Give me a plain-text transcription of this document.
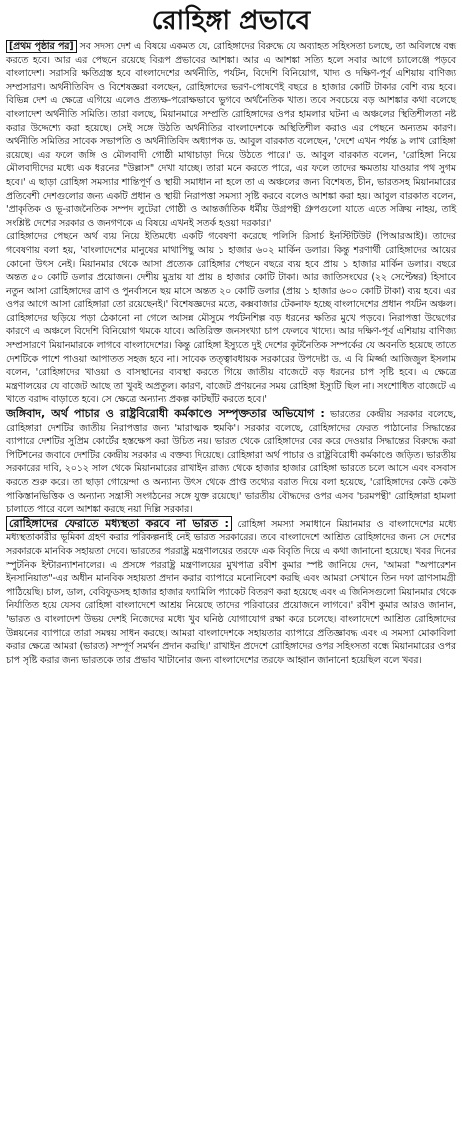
রোহিঙ্গা প্রভাবে

[প্রথম পৃষ্ঠার পর] সব সদস্য দেশ এ বিষয়ে একমত যে, রোহিঙ্গাদের বিরুদ্ধে যে অব্যাহত সহিংসতা চলছে, তা অবিলম্বে বন্ধ করতে হবে। আর এর পেছনে রয়েছে বিরূপ প্রভাবের আশঙ্কা। আর এ আশঙ্কা সত্যি হলে সবার আগে চ্যালেঞ্জে পড়বে বাংলাদেশ। সরাসরি ক্ষতিগ্রস্ত হবে বাংলাদেশের অর্থনীতি, পর্যটন, বিদেশি বিনিয়োগ, খাদ্য ও দক্ষিণ-পূর্ব এশিয়ায় বাণিজ্য সম্প্রসারণ। অর্থনীতিবিদ ও বিশেষজ্ঞরা বলছেন, রোহিঙ্গাদের ভরণ-পোষণেই বছরে ৪ হাজার কোটি টাকার বেশি ব্যয় হবে। বিভিন্ন দেশ এ ক্ষেত্রে এগিয়ে এলেও প্রত্যক্ষ-পরোক্ষভাবে ভুগবে অর্থনৈতিক খাত। তবে সবচেয়ে বড় আশঙ্কার কথা বলেছে বাংলাদেশ অর্থনীতি সমিতি। তারা বলছে, মিয়ানমারে সম্প্রতি রোহিঙ্গাদের ওপর হামলার ঘটনা এ অঞ্চলের স্থিতিশীলতা নষ্ট করার উদ্দেশ্যে করা হয়েছে। সেই সঙ্গে উঠতি অর্থনীতির বাংলাদেশকে অস্থিতিশীল করাও এর পেছনে অন্যতম কারণ। অর্থনীতি সমিতির সাবেক সভাপতি ও অর্থনীতিবিদ অধ্যাপক ড. আবুল বারকাত বলেছেন, 'দেশে এখন পর্যন্ত ৯ লাখ রোহিঙ্গা রয়েছে। এর ফলে জঙ্গি ও মৌলবাদী গোষ্ঠী মাথাচাড়া দিয়ে উঠতে পারে।' ড. আবুল বারকাত বলেন, 'রোহিঙ্গা নিয়ে মৌলবাদীদের মধ্যে এক ধরনের "উল্লাস" দেখা যাচ্ছে। তারা মনে করতে পারে, এর ফলে তাদের ক্ষমতায় যাওয়ার পথ সুগম হবে।' এ ছাড়া রোহিঙ্গা সমস্যার শান্তিপূর্ণ ও স্থায়ী সমাধান না হলে তা এ অঞ্চলের জন্য বিশেষত, চীন, ভারতসহ মিয়ানমারের প্রতিবেশী দেশগুলোর জন্য একটি প্রধান ও স্থায়ী নিরাপত্তা সমস্যা সৃষ্টি করবে বলেও আশঙ্কা করা হয়। আবুল বারকাত বলেন, 'প্রাকৃতিক ও ভূ-রাজনৈতিক সম্পদ লুটেরা গোষ্ঠী ও আন্তর্জাতিক ধর্মীয় উগ্রপন্থী গ্রুপগুলো যাতে এতে সক্রিয় নাহয়, তাই সংশ্লিষ্ট দেশের সরকার ও জনগণকে এ বিষয়ে এখনই সতর্ক হওয়া দরকার।'

রোহিঙ্গাদের পেছনে অর্থ ব্যয় নিয়ে ইতিমধ্যে একটি গবেষণা করেছে পলিসি রিসার্চ ইনস্টিটিউট (পিআরআই)। তাদের গবেষণায় বলা হয়, 'বাংলাদেশের মানুষের মাথাপিছু আয় ১ হাজার ৬০২ মার্কিন ডলার। কিন্তু শরণার্থী রোহিঙ্গাদের আয়ের কোনো উৎস নেই। মিয়ানমার থেকে আসা প্রত্যেক রোহিঙ্গার পেছনে বছরে ব্যয় হবে প্রায় ১ হাজার মার্কিন ডলার। বছরে অন্তত ৫০ কোটি ডলার প্রয়োজন। দেশীয় মুদ্রায় যা প্রায় ৪ হাজার কোটি টাকা। আর জাতিসংঘের (২২ সেপ্টেম্বর) হিসাবে নতুন আসা রোহিঙ্গাদের ত্রাণ ও পুনর্বাসনে ছয় মাসে অন্তত ২০ কোটি ডলার (প্রায় ১ হাজার ৬০০ কোটি টাকা) ব্যয় হবে। এর ওপর আগে আসা রোহিঙ্গারা তো রয়েছেনই।' বিশেষজ্ঞদের মতে, কক্সবাজার টেকনাফ হচ্ছে বাংলাদেশের প্রধান পর্যটন অঞ্চল। রোহিঙ্গাদের ছড়িয়ে পড়া ঠেকানো না গেলে আসন্ন মৌসুমে পর্যটনশিল্প বড় ধরনের ক্ষতির মুখে পড়বে। নিরাপত্তা উদ্বেগের কারণে এ অঞ্চলে বিদেশি বিনিয়োগ থমকে যাবে। অতিরিক্ত জনসংখ্যা চাপ ফেলবে খাদ্যে। আর দক্ষিণ-পূর্ব এশিয়ায় বাণিজ্য সম্প্রসারণে মিয়ানমারকে লাগবে বাংলাদেশের। কিন্তু রোহিঙ্গা ইস্যুতে দুই দেশের কূটনৈতিক সম্পর্কের যে অবনতি হয়েছে তাতে দেশটিকে পাশে পাওয়া আপাতত সহজ হবে না। সাবেক তত্ত্বাবধায়ক সরকারের উপদেষ্টা ড. এ বি মির্জ্জা আজিজুল ইসলাম বলেন, 'রোহিঙ্গাদের খাওয়া ও বাসস্থানের ব্যবস্থা করতে গিয়ে জাতীয় বাজেটে বড় ধরনের চাপ সৃষ্টি হবে। এ ক্ষেত্রে মন্ত্রণালয়ের যে বাজেট আছে তা খুবই অপ্রতুল। কারণ, বাজেট প্রণয়নের সময় রোহিঙ্গা ইস্যুটি ছিল না। সংশোধিত বাজেটে এ খাতে বরাদ্দ বাড়াতে হবে। সে ক্ষেত্রে অন্যান্য প্রকল্প কাটছাঁট করতে হবে।'

জঙ্গিবাদ, অর্থ পাচার ও রাষ্ট্রবিরোধী কর্মকাণ্ডে সম্পৃক্ততার অভিযোগ : ভারতের কেন্দ্রীয় সরকার বলেছে, রোহিঙ্গারা দেশটির জাতীয় নিরাপত্তার জন্য 'মারাত্মক হুমকি'। সরকার বলেছে, রোহিঙ্গাদের ফেরত পাঠানোর সিদ্ধান্তের ব্যাপারে দেশটির সুপ্রিম কোর্টের হস্তক্ষেপ করা উচিত নয়। ভারত থেকে রোহিঙ্গাদের বের করে দেওয়ার সিদ্ধান্তের বিরুদ্ধে করা পিটিশনের জবাবে দেশটির কেন্দ্রীয় সরকার এ বক্তব্য দিয়েছে। রোহিঙ্গারা অর্থ পাচার ও রাষ্ট্রবিরোধী কর্মকাণ্ডে জড়িত। ভারতীয় সরকারের দাবি, ২০১২ সাল থেকে মিয়ানমারের রাখাইন রাজ্য থেকে হাজার হাজার রোহিঙ্গা ভারতে চলে আসে এবং বসবাস করতে শুরু করে। তা ছাড়া গোয়েন্দা ও অন্যান্য উৎস থেকে প্রাপ্ত তথ্যের বরাত দিয়ে বলা হয়েছে, 'রোহিঙ্গাদের কেউ কেউ পাকিস্তানভিত্তিক ও অন্যান্য সন্ত্রাসী সংগঠনের সঙ্গে যুক্ত রয়েছে।' ভারতীয় বৌদ্ধদের ওপর এসব 'চরমপন্থী' রোহিঙ্গারা হামলা চালাতে পারে বলে আশঙ্কা করছে নয়া দিল্লি সরকার।

রোহিঙ্গাদের ফেরাতে মধ্যস্থতা করবে না ভারত : রোহিঙ্গা সমস্যা সমাধানে মিয়ানমার ও বাংলাদেশের মধ্যে মধ্যস্থতাকারীর ভূমিকা গ্রহণ করার পরিকল্পনাই নেই ভারত সরকারের। তবে বাংলাদেশে আশ্রিত রোহিঙ্গাদের জন্য সে দেশের সরকারকে মানবিক সহায়তা দেবে। ভারতের পররাষ্ট্র মন্ত্রণালয়ের তরফে এক বিবৃতি দিয়ে এ কথা জানানো হয়েছে। খবর দিনের স্পুটনিক ইন্টারন্যাশনালের। এ প্রসঙ্গে পররাষ্ট্র মন্ত্রণালয়ের মুখপাত্র রবীশ কুমার স্পষ্ট জানিয়ে দেন, 'আমরা "অপারেশন ইনসানিয়াত"-এর অধীন মানবিক সহায়তা প্রদান করার ব্যাপারে মনোনিবেশ করছি এবং আমরা সেখানে তিন দফা ত্রাণসামগ্রী পাঠিয়েছি। চাল, ডাল, বেবিফুডসহ হাজার হাজার ফ্যামিলি প্যাকেট বিতরণ করা হয়েছে এবং এ জিনিসগুলো মিয়ানমার থেকে নির্যাতিত হয়ে যেসব রোহিঙ্গা বাংলাদেশে আশ্রয় নিয়েছে তাদের পরিবারের প্রয়োজনে লাগবে।' রবীশ কুমার আরও জানান, 'ভারত ও বাংলাদেশ উভয় দেশই নিজেদের মধ্যে খুব ঘনিষ্ঠ যোগাযোগ রক্ষা করে চলেছে। বাংলাদেশে আশ্রিত রোহিঙ্গাদের উন্নয়নের ব্যাপারে তারা সমন্বয় সাধন করছে। আমরা বাংলাদেশকে সহায়তার ব্যাপারে প্রতিজ্ঞাবদ্ধ এবং এ সমস্যা মোকাবিলা করার ক্ষেত্রে আমরা (ভারত) সম্পূর্ণ সমর্থন প্রদান করছি।' রাখাইন প্রদেশে রোহিঙ্গাদের ওপর সহিংসতা বন্ধে মিয়ানমারের ওপর চাপ সৃষ্টি করার জন্য ভারতকে তার প্রভাব খাটানোর জন্য বাংলাদেশের তরফে আহ্বান জানানো হয়েছিল বলে খবর।
